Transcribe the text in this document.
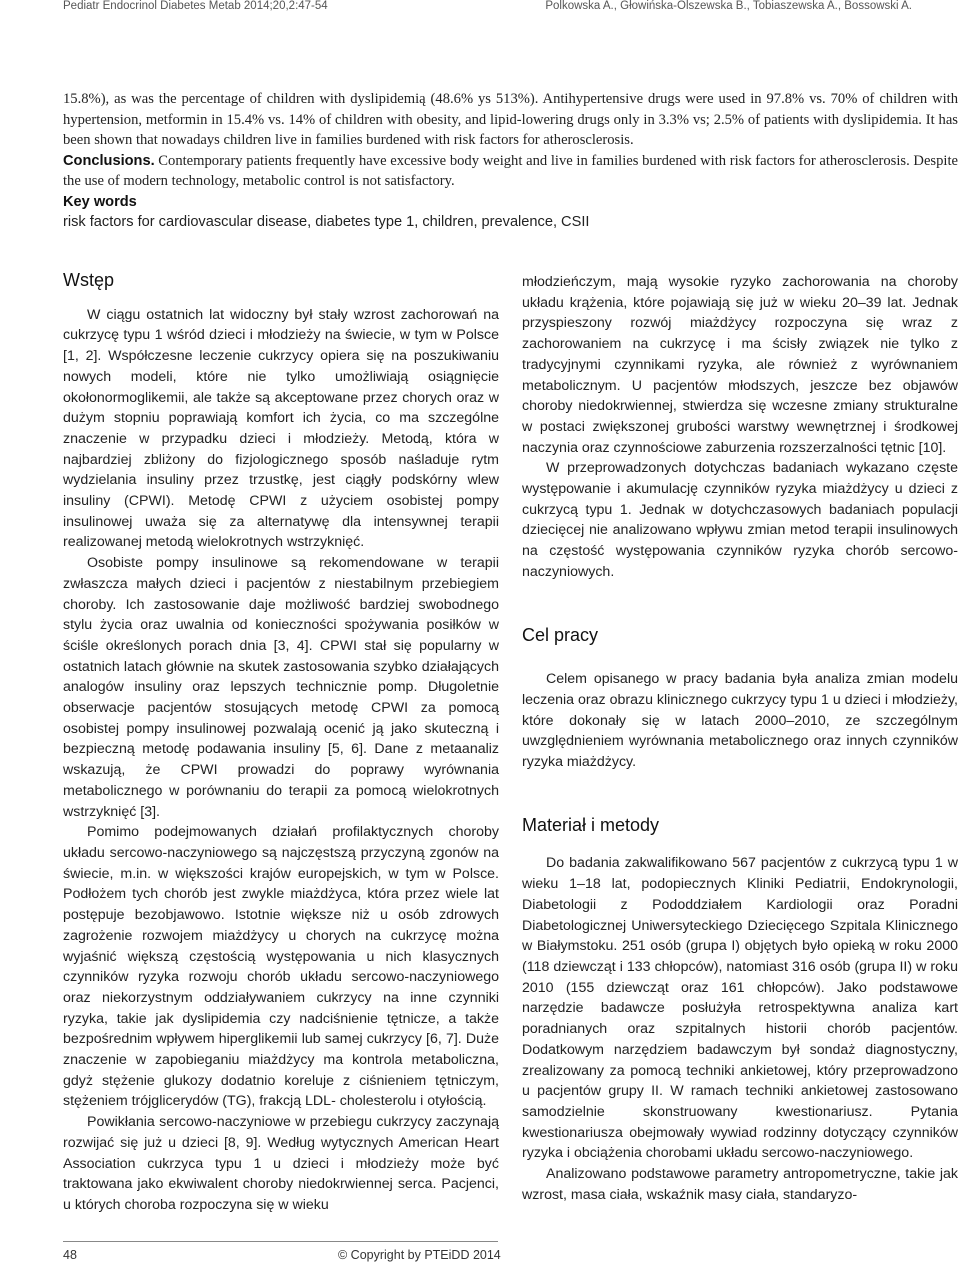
Pediatr Endocrinol Diabetes Metab 2014;20,2:47-54	Polkowska A., Głowińska-Olszewska B., Tobiaszewska A., Bossowski A.

15.8%), as was the percentage of children with dyslipidemią (48.6% ys 513%). Antihypertensive drugs were used in 97.8% vs. 70% of children with hypertension, metformin in 15.4% vs. 14% of children with obesity, and lipid-lowering drugs only in 3.3% vs; 2.5% of patients with dyslipidemia. It has been shown that nowadays children live in families burdened with risk factors for atherosclerosis.

Conclusions. Contemporary patients frequently have excessive body weight and live in families burdened with risk factors for atherosclerosis. Despite the use of modern technology, metabolic control is not satisfactory.

Key words

risk factors for cardiovascular disease, diabetes type 1, children, prevalence, CSII

Wstęp

W ciągu ostatnich lat widoczny był stały wzrost zachorowań na cukrzycę typu 1 wśród dzieci i młodzieży na świecie, w tym w Polsce [1, 2]. Współczesne leczenie cukrzycy opiera się na poszukiwaniu nowych modeli, które nie tylko umożliwiają osiągnięcie okołonormoglikemii, ale także są akceptowane przez chorych oraz w dużym stopniu poprawiają komfort ich życia, co ma szczególne znaczenie w przypadku dzieci i młodzieży. Metodą, która w najbardziej zbliżony do fizjologicznego sposób naśladuje rytm wydzielania insuliny przez trzustkę, jest ciągły podskórny wlew insuliny (CPWI). Metodę CPWI z użyciem osobistej pompy insulinowej uważa się za alternatywę dla intensywnej terapii realizowanej metodą wielokrotnych wstrzyknięć.

Osobiste pompy insulinowe są rekomendowane w terapii zwłaszcza małych dzieci i pacjentów z niestabilnym przebiegiem choroby. Ich zastosowanie daje możliwość bardziej swobodnego stylu życia oraz uwalnia od konieczności spożywania posiłków w ściśle określonych porach dnia [3, 4]. CPWI stał się popularny w ostatnich latach głównie na skutek zastosowania szybko działających analogów insuliny oraz lepszych technicznie pomp. Długoletnie obserwacje pacjentów stosujących metodę CPWI za pomocą osobistej pompy insulinowej pozwalają ocenić ją jako skuteczną i bezpieczną metodę podawania insuliny [5, 6]. Dane z metaanaliz wskazują, że CPWI prowadzi do poprawy wyrównania metabolicznego w porównaniu do terapii za pomocą wielokrotnych wstrzyknięć [3].

Pomimo podejmowanych działań profilaktycznych choroby układu sercowo-naczyniowego są najczęstszą przyczyną zgonów na świecie, m.in. w większości krajów europejskich, w tym w Polsce. Podłożem tych chorób jest zwykle miażdżyca, która przez wiele lat postępuje bezobjawowo. Istotnie większe niż u osób zdrowych zagrożenie rozwojem miażdżycy u chorych na cukrzycę można wyjaśnić większą częstością występowania u nich klasycznych czynników ryzyka rozwoju chorób układu sercowo-naczyniowego oraz niekorzystnym oddziaływaniem cukrzycy na inne czynniki ryzyka, takie jak dyslipidemia czy nadciśnienie tętnicze, a także bezpośrednim wpływem hiperglikemii lub samej cukrzycy [6, 7]. Duże znaczenie w zapobieganiu miażdżycy ma kontrola metaboliczna, gdyż stężenie glukozy dodatnio koreluje z ciśnieniem tętniczym, stężeniem trójglicerydów (TG), frakcją LDL- cholesterolu i otyłością.

Powikłania sercowo-naczyniowe w przebiegu cukrzycy zaczynają rozwijać się już u dzieci [8, 9]. Według wytycznych American Heart Association cukrzyca typu 1 u dzieci i młodzieży może być traktowana jako ekwiwalent choroby niedokrwiennej serca. Pacjenci, u których choroba rozpoczyna się w wieku

młodzieńczym, mają wysokie ryzyko zachorowania na choroby układu krążenia, które pojawiają się już w wieku 20–39 lat. Jednak przyspieszony rozwój miażdżycy rozpoczyna się wraz z zachorowaniem na cukrzycę i ma ścisły związek nie tylko z tradycyjnymi czynnikami ryzyka, ale również z wyrównaniem metabolicznym. U pacjentów młodszych, jeszcze bez objawów choroby niedokrwiennej, stwierdza się wczesne zmiany strukturalne w postaci zwiększonej grubości warstwy wewnętrznej i środkowej naczynia oraz czynnościowe zaburzenia rozszerzalności tętnic [10].

W przeprowadzonych dotychczas badaniach wykazano częste występowanie i akumulację czynników ryzyka miażdżycy u dzieci z cukrzycą typu 1. Jednak w dotychczasowych badaniach populacji dziecięcej nie analizowano wpływu zmian metod terapii insulinowych na częstość występowania czynników ryzyka chorób sercowo-naczyniowych.

Cel pracy

Celem opisanego w pracy badania była analiza zmian modelu leczenia oraz obrazu klinicznego cukrzycy typu 1 u dzieci i młodzieży, które dokonały się w latach 2000–2010, ze szczególnym uwzględnieniem wyrównania metabolicznego oraz innych czynników ryzyka miażdżycy.

Materiał i metody

Do badania zakwalifikowano 567 pacjentów z cukrzycą typu 1 w wieku 1–18 lat, podopiecznych Kliniki Pediatrii, Endokrynologii, Diabetologii z Pododdziałem Kardiologii oraz Poradni Diabetologicznej Uniwersyteckiego Dziecięcego Szpitala Klinicznego w Białymstoku. 251 osób (grupa I) objętych było opieką w roku 2000 (118 dziewcząt i 133 chłopców), natomiast 316 osób (grupa II) w roku 2010 (155 dziewcząt oraz 161 chłopców). Jako podstawowe narzędzie badawcze posłużyła retrospektywna analiza kart poradnianych oraz szpitalnych historii chorób pacjentów. Dodatkowym narzędziem badawczym był sondaż diagnostyczny, zrealizowany za pomocą techniki ankietowej, który przeprowadzono u pacjentów grupy II. W ramach techniki ankietowej zastosowano samodzielnie skonstruowany kwestionariusz. Pytania kwestionariusza obejmowały wywiad rodzinny dotyczący czynników ryzyka i obciążenia chorobami układu sercowo-naczyniowego.

Analizowano podstawowe parametry antropometryczne, takie jak wzrost, masa ciała, wskaźnik masy ciała, standaryzo-

48	© Copyright by PTEiDD 2014
